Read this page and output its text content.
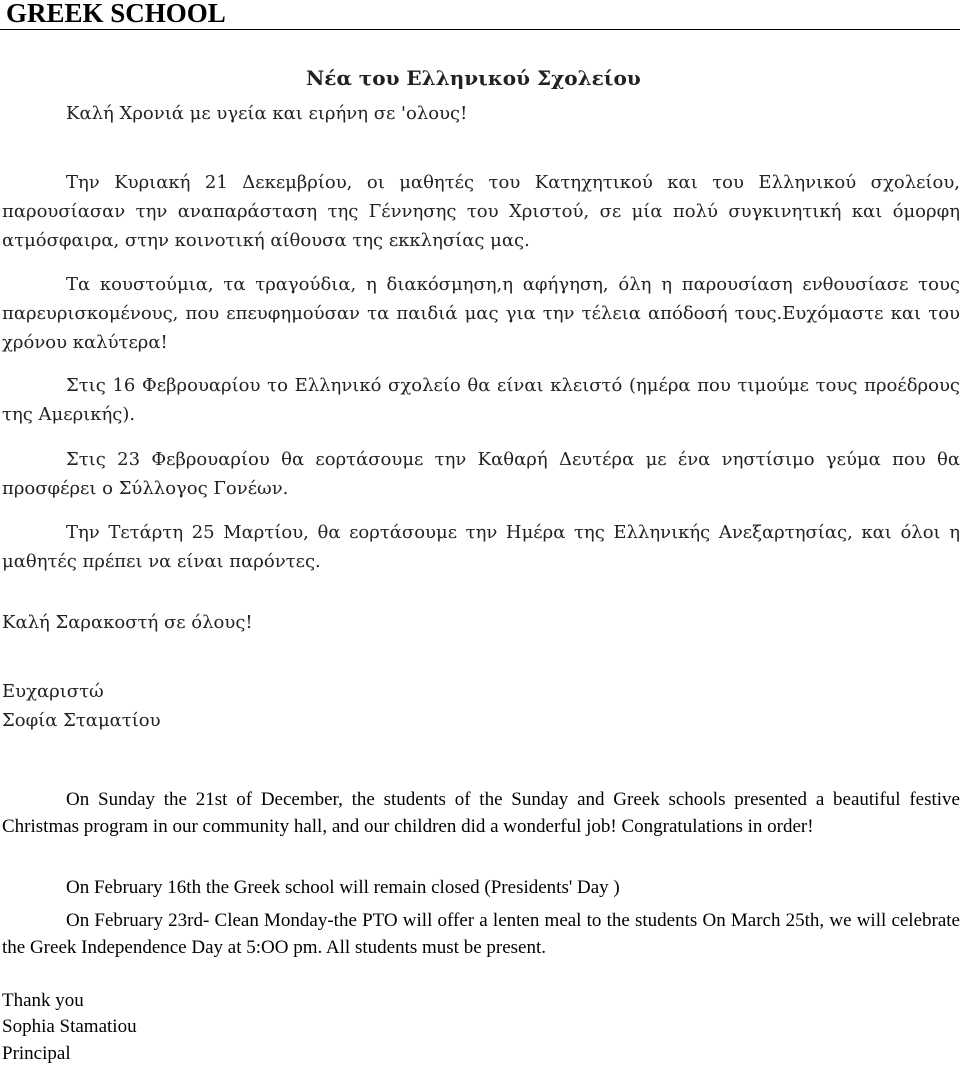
GREEK SCHOOL
Νέα του Ελληνικού Σχολείου

Καλή Χρονιά με υγεία και ειρήνη σε 'ολους!

Την Κυριακή 21 Δεκεμβρίου, οι μαθητές του Κατηχητικού και του Ελληνικού σχολείου, παρουσίασαν την αναπαράσταση της Γέννησης του Χριστού, σε μία πολύ συγκινητική και όμορφη ατμόσφαιρα, στην κοινοτική αίθουσα της εκκλησίας μας.

Τα κουστούμια, τα τραγούδια, η διακόσμηση,η αφήγηση, όλη η παρουσίαση ενθουσίασε τους παρευρισκομένους, που επευφημούσαν τα παιδιά μας για την τέλεια απόδοσή τους.Ευχόμαστε και του χρόνου καλύτερα!

Στις 16 Φεβρουαρίου το Ελληνικό σχολείο θα είναι κλειστό (ημέρα που τιμούμε τους προέδρους της Αμερικής).

Στις 23 Φεβρουαρίου θα εορτάσουμε την Καθαρή Δευτέρα με ένα νηστίσιμο γεύμα που θα προσφέρει ο Σύλλογος Γονέων.

Την Τετάρτη 25 Μαρτίου, θα εορτάσουμε την Ημέρα της Ελληνικής Ανεξαρτησίας, και όλοι η μαθητές πρέπει να είναι παρόντες.

Καλή Σαρακοστή σε όλους!

Ευχαριστώ

Σοφία Σταματίου

On Sunday the 21st of December, the students of the Sunday and Greek schools presented a beautiful festive Christmas program in our community hall, and our children did a wonderful job! Congratulations in order!

On February 16th the Greek school will remain closed (Presidents' Day )

On February 23rd- Clean Monday-the PTO will offer a lenten meal to the students On March 25th, we will celebrate the Greek Independence Day at 5:OO pm. All students must be present.

Thank you

Sophia Stamatiou

Principal
